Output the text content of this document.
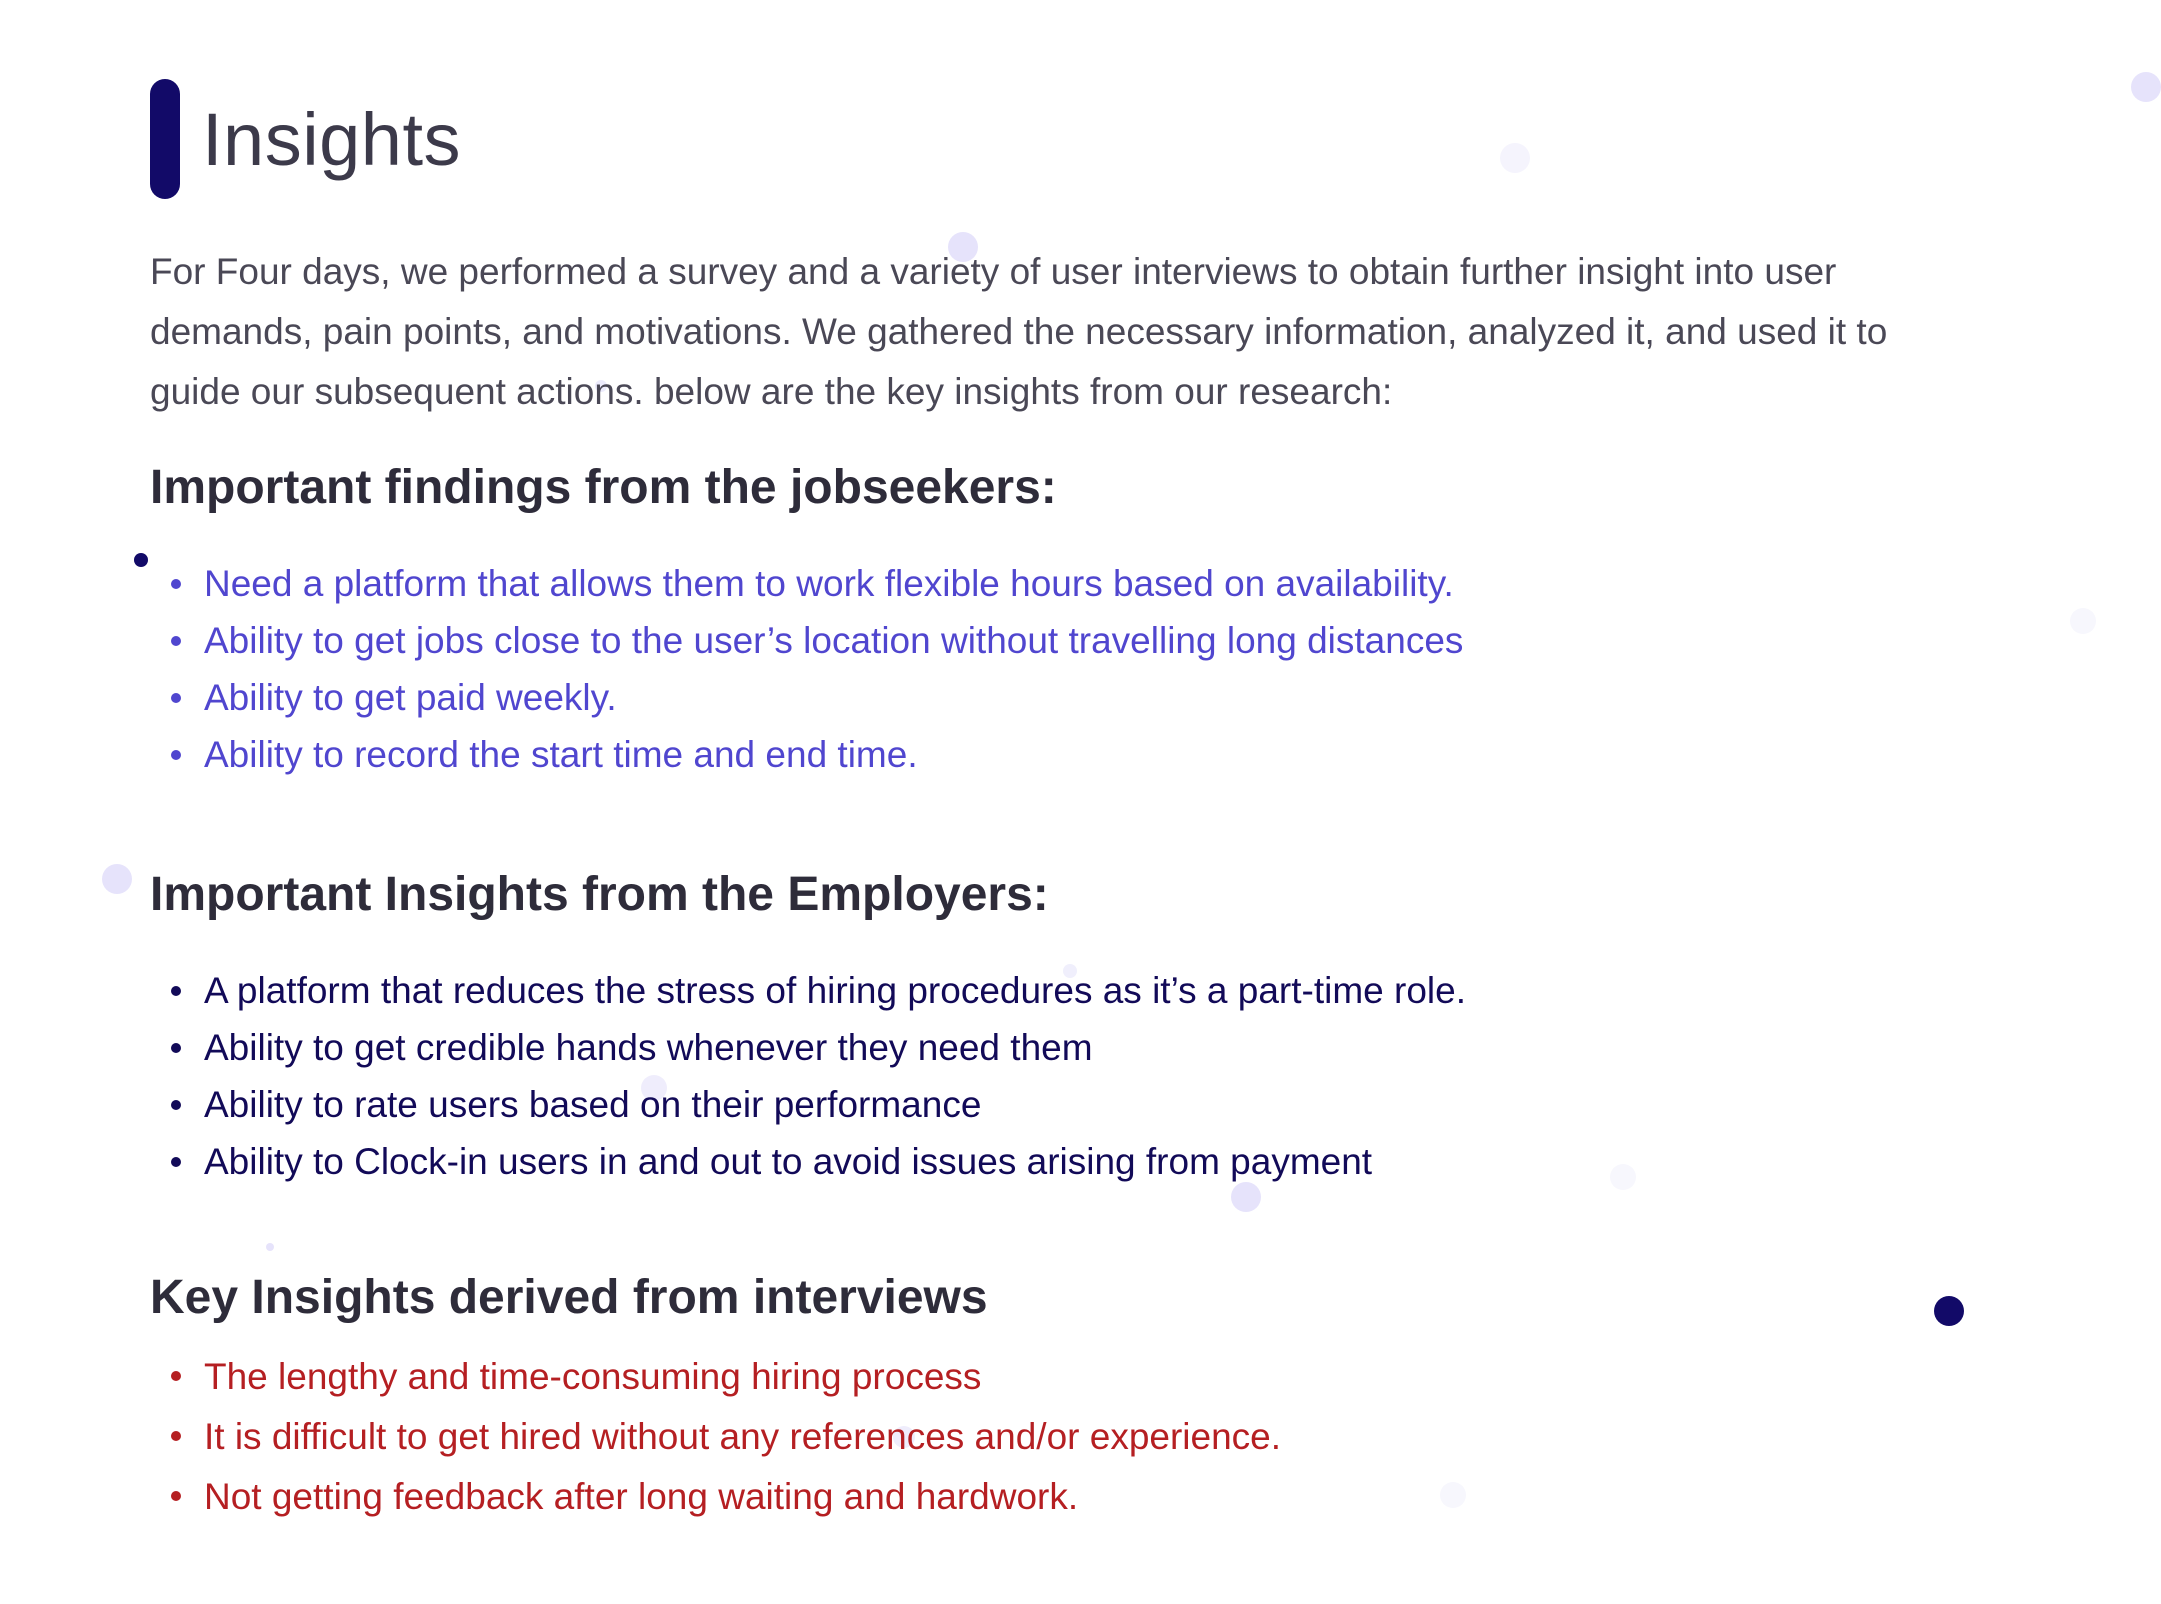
Insights

For Four days, we performed a survey and a variety of user interviews to obtain further insight into user demands, pain points, and motivations. We gathered the necessary information, analyzed it, and used it to guide our subsequent actions. below are the key insights from our research:

Important findings from the jobseekers:
Need a platform that allows them to work flexible hours based on availability.
Ability to get jobs close to the user’s location without travelling long distances
Ability to get paid weekly.
Ability to record the start time and end time.
Important Insights from the Employers:
A platform that reduces the stress of hiring procedures as it’s a part-time role.
Ability to get credible hands whenever they need them
Ability to rate users based on their performance
Ability to Clock-in users in and out to avoid issues arising from payment
Key Insights derived from interviews
The lengthy and time-consuming hiring process
It is difficult to get hired without any references and/or experience.
Not getting feedback after long waiting and hardwork.
